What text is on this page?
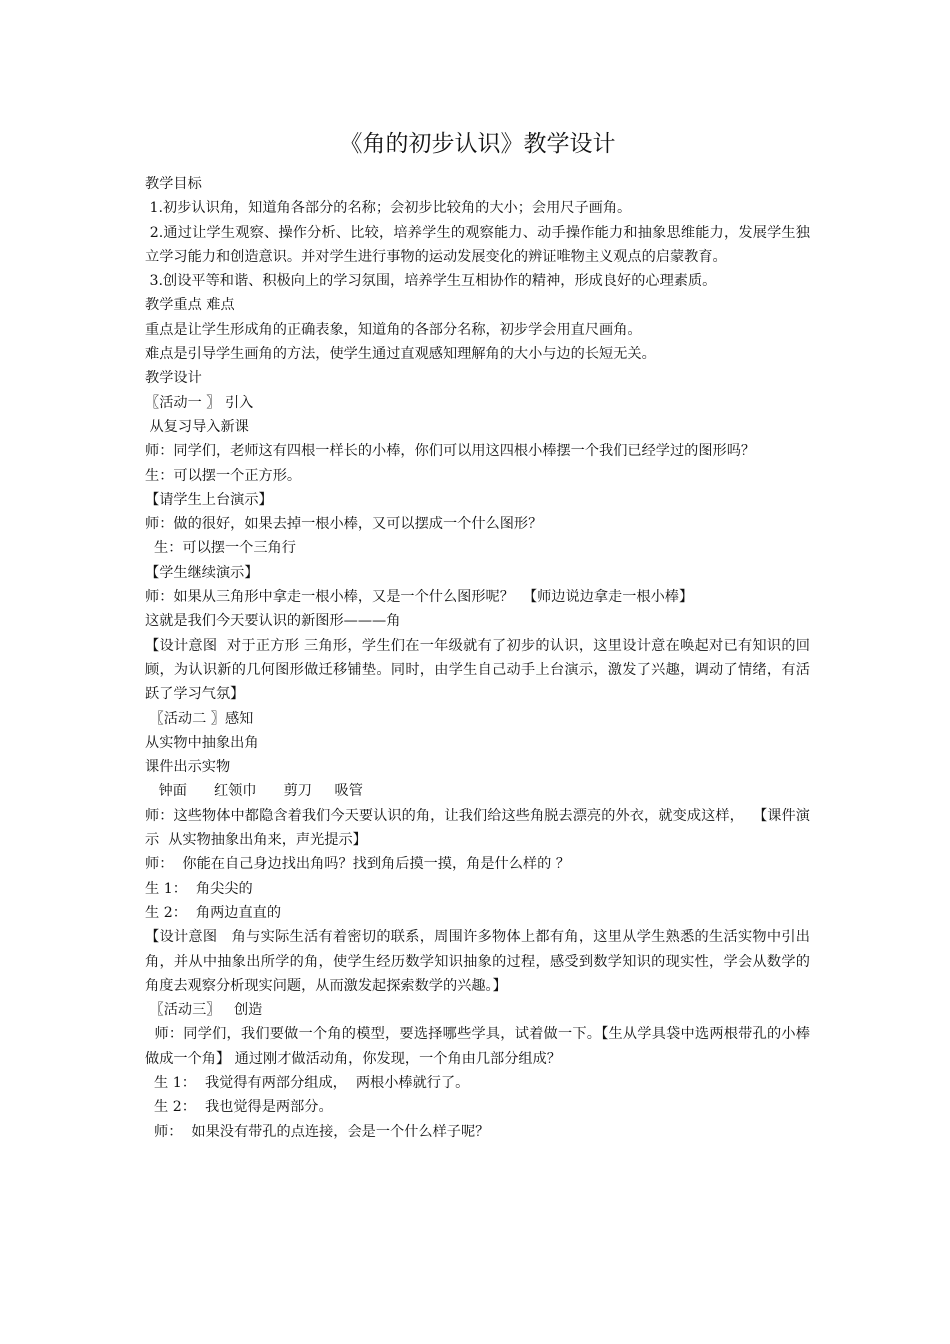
《角的初步认识》教学设计

教学目标

1.初步认识角，知道角各部分的名称；会初步比较角的大小；会用尺子画角。

2.通过让学生观察、操作分析、比较，培养学生的观察能力、动手操作能力和抽象思维能力，发展学生独立学习能力和创造意识。并对学生进行事物的运动发展变化的辨证唯物主义观点的启蒙教育。

3.创设平等和谐、积极向上的学习氛围，培养学生互相协作的精神，形成良好的心理素质。

教学重点 难点

重点是让学生形成角的正确表象，知道角的各部分名称，初步学会用直尺画角。

难点是引导学生画角的方法，使学生通过直观感知理解角的大小与边的长短无关。

教学设计

〖活动一 〗 引入

从复习导入新课

师：同学们，老师这有四根一样长的小棒，你们可以用这四根小棒摆一个我们已经学过的图形吗？

生：可以摆一个正方形。

【请学生上台演示】

师：做的很好，如果去掉一根小棒，又可以摆成一个什么图形？

生：可以摆一个三角行

【学生继续演示】

师：如果从三角形中拿走一根小棒，又是一个什么图形呢？  【师边说边拿走一根小棒】

这就是我们今天要认识的新图形———角

【设计意图  对于正方形 三角形，学生们在一年级就有了初步的认识，这里设计意在唤起对已有知识的回顾，为认识新的几何图形做迁移铺垫。同时，由学生自己动手上台演示，激发了兴趣，调动了情绪，有活跃了学习气氛】

〖活动二 〗感知

从实物中抽象出角

课件出示实物

钟面      红领巾      剪刀     吸管

师：这些物体中都隐含着我们今天要认识的角，让我们给这些角脱去漂亮的外衣，就变成这样，  【课件演示  从实物抽象出角来，声光提示】

师：  你能在自己身边找出角吗？找到角后摸一摸，角是什么样的 ？

生 1：  角尖尖的

生 2：  角两边直直的

【设计意图   角与实际生活有着密切的联系，周围许多物体上都有角，这里从学生熟悉的生活实物中引出角，并从中抽象出所学的角，使学生经历数学知识抽象的过程，感受到数学知识的现实性，学会从数学的角度去观察分析现实问题，从而激发起探索数学的兴趣。】

〖活动三〗   创造

师：同学们，我们要做一个角的模型，要选择哪些学具，试着做一下。【生从学具袋中选两根带孔的小棒做成一个角】 通过刚才做活动角，你发现，一个角由几部分组成？

生 1：  我觉得有两部分组成，  两根小棒就行了。

生 2：  我也觉得是两部分。

师：  如果没有带孔的点连接，会是一个什么样子呢？
